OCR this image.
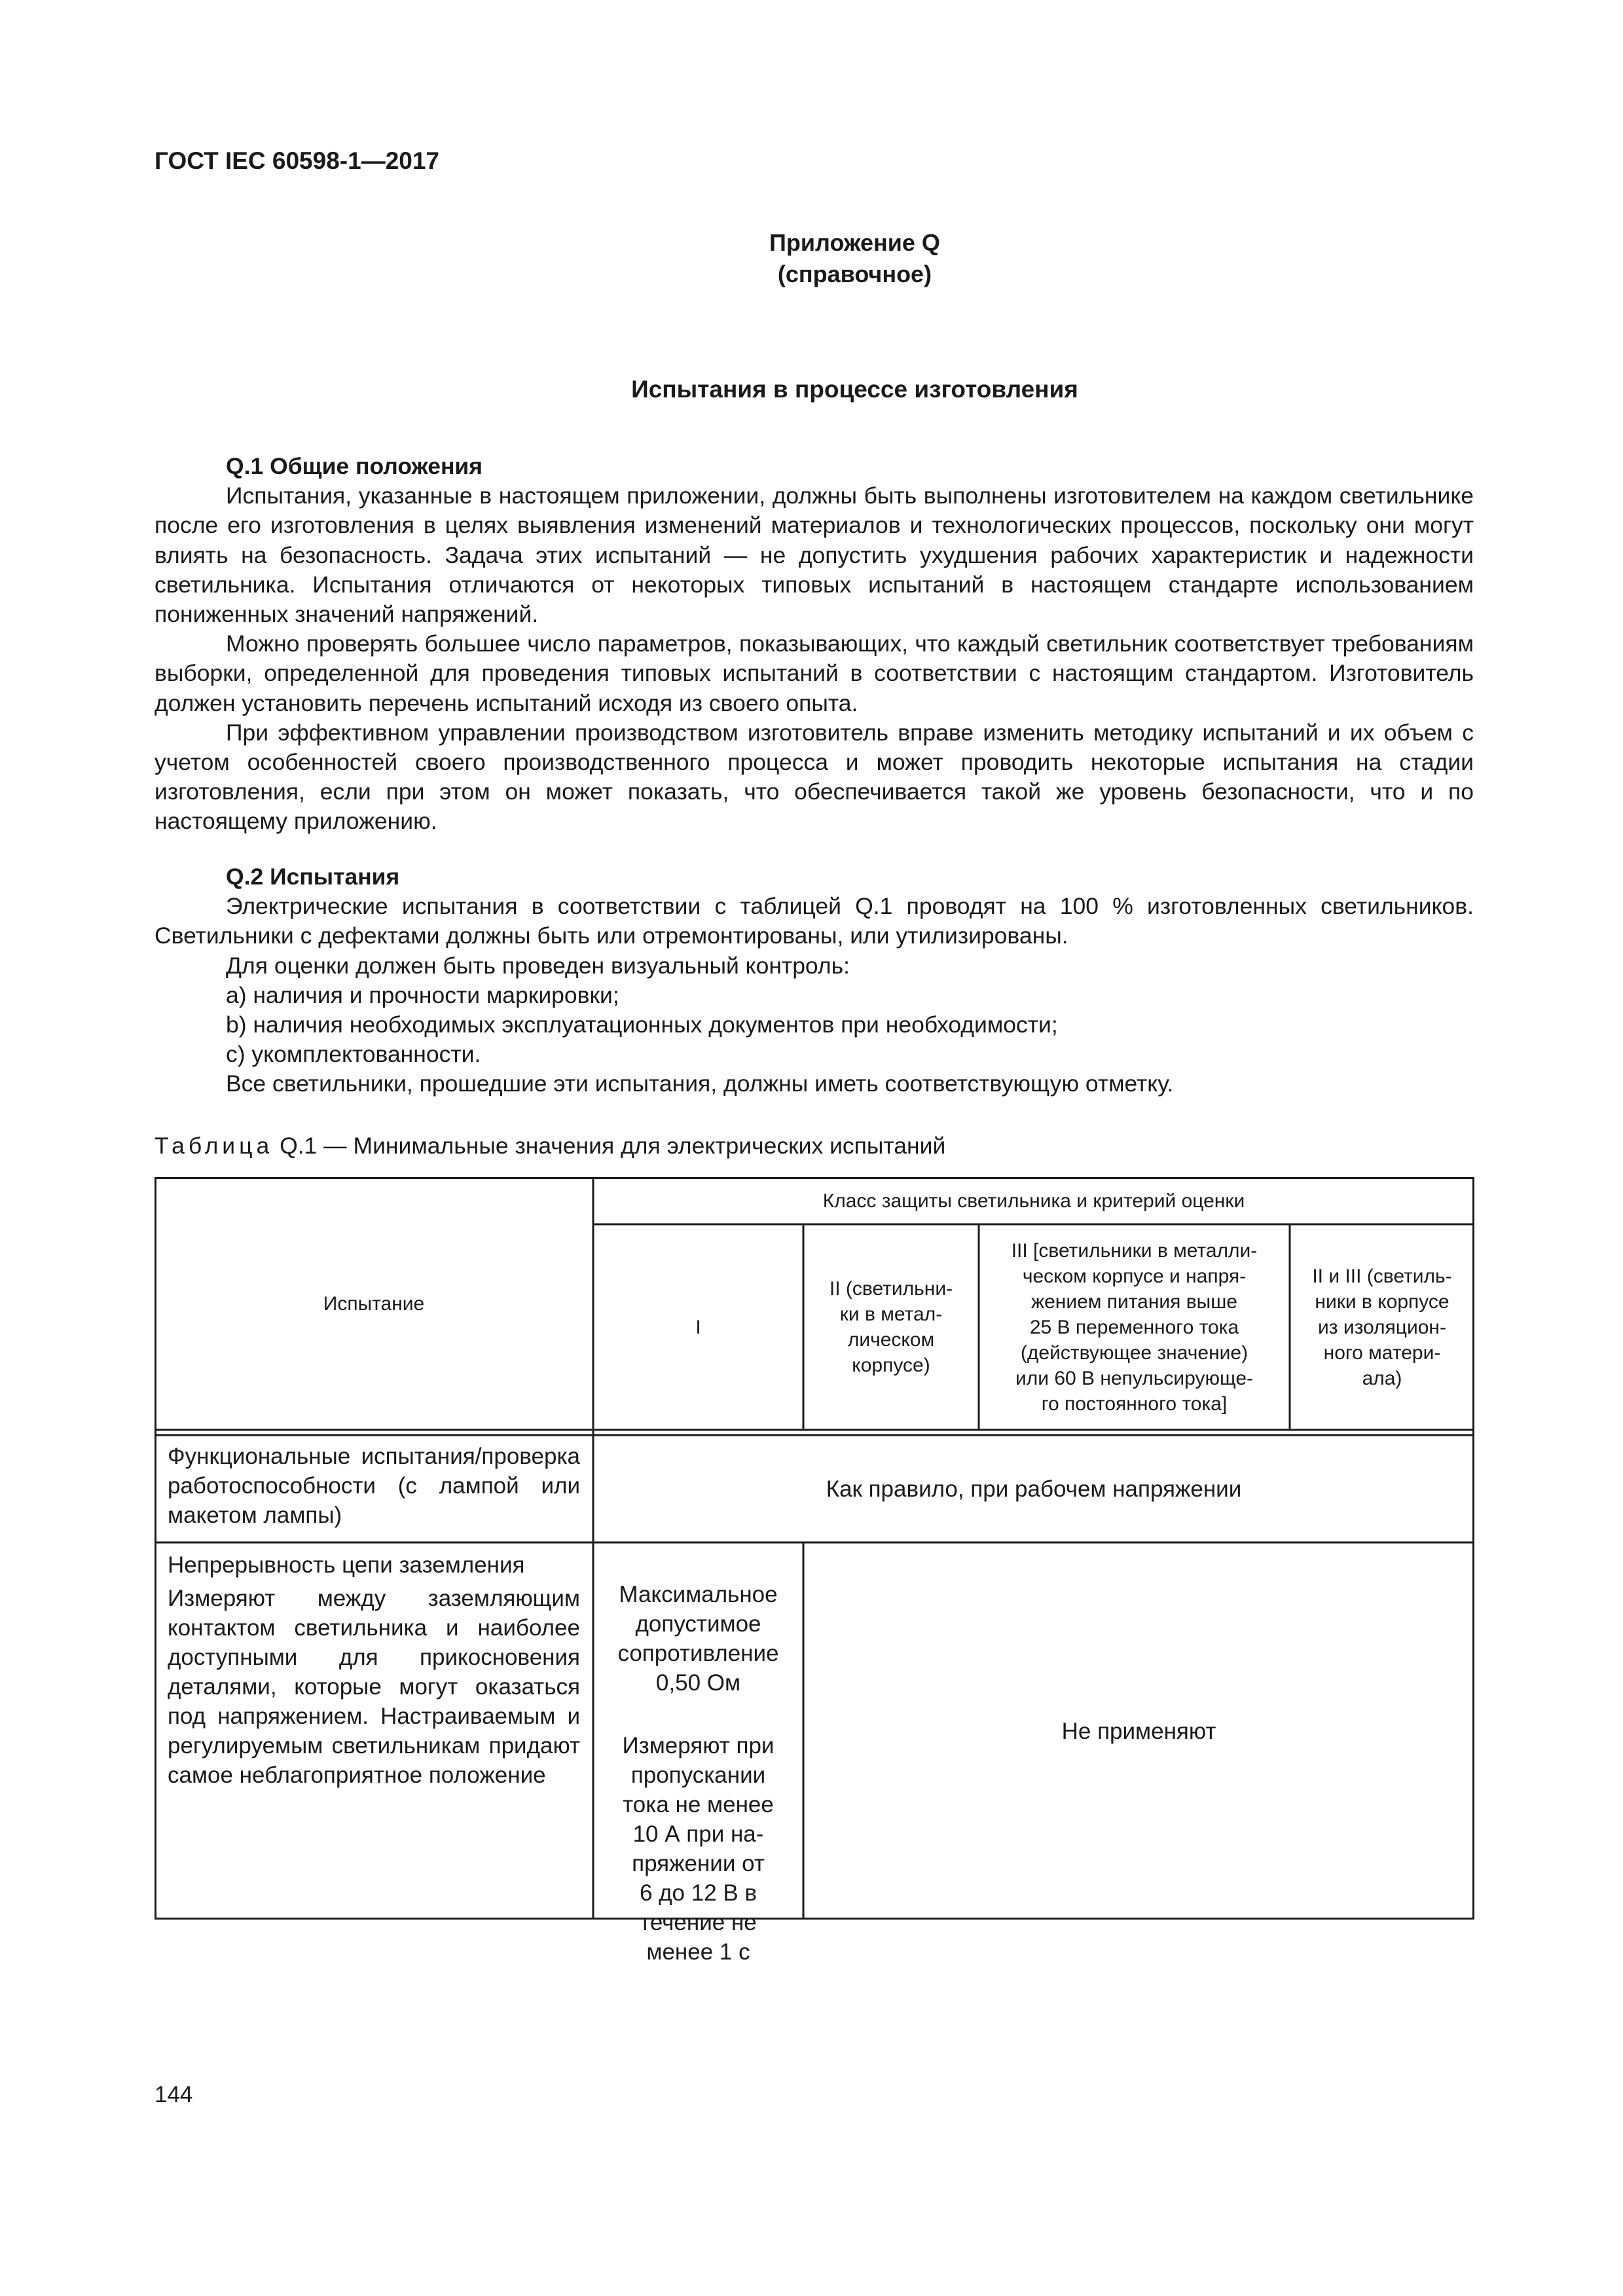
ГОСТ IEC 60598-1—2017
Приложение Q
(справочное)
Испытания в процессе изготовления

Q.1 Общие положения

Испытания, указанные в настоящем приложении, должны быть выполнены изготовителем на каждом светильнике после его изготовления в целях выявления изменений материалов и технологических процессов, поскольку они могут влиять на безопасность. Задача этих испытаний — не допустить ухудшения рабочих характеристик и надежности светильника. Испытания отличаются от некоторых типовых испытаний в настоящем стандарте использованием пониженных значений напряжений.

Можно проверять большее число параметров, показывающих, что каждый светильник соответствует требованиям выборки, определенной для проведения типовых испытаний в соответствии с настоящим стандартом. Изготовитель должен установить перечень испытаний исходя из своего опыта.

При эффективном управлении производством изготовитель вправе изменить методику испытаний и их объем с учетом особенностей своего производственного процесса и может проводить некоторые испытания на стадии изготовления, если при этом он может показать, что обеспечивается такой же уровень безопасности, что и по настоящему приложению.

Q.2 Испытания

Электрические испытания в соответствии с таблицей Q.1 проводят на 100 % изготовленных светильников. Светильники с дефектами должны быть или отремонтированы, или утилизированы.

Для оценки должен быть проведен визуальный контроль:

a) наличия и прочности маркировки;

b) наличия необходимых эксплуатационных документов при необходимости;

c) укомплектованности.

Все светильники, прошедшие эти испытания, должны иметь соответствующую отметку.

Таблица Q.1 — Минимальные значения для электрических испытаний
Испытание
Класс защиты светильника и критерий оценки
I
II (светильни-
ки в метал-
лическом
корпусе)
III [светильники в металли-
ческом корпусе и напря-
жением питания выше
25 В переменного тока
(действующее значение)
или 60 В непульсирующе-
го постоянного тока]
II и III (светиль-
ники в корпусе
из изоляцион-
ного матери-
ала)

Функциональные испытания/проверка работоспособности (с лампой или макетом лампы)

Как правило, при рабочем напряжении

Непрерывность цепи заземления

Измеряют между заземляющим контактом светильника и наиболее доступными для прикосновения деталями, которые могут оказаться под напряжением. Настраиваемым и регулируемым светильникам придают самое неблагоприятное положение

Максимальное
допустимое
сопротивление
0,50 Ом

Измеряют при
пропускании
тока не менее
10 А при на-
пряжении от
6 до 12 В в
течение не
менее 1 с

Не применяют
144
